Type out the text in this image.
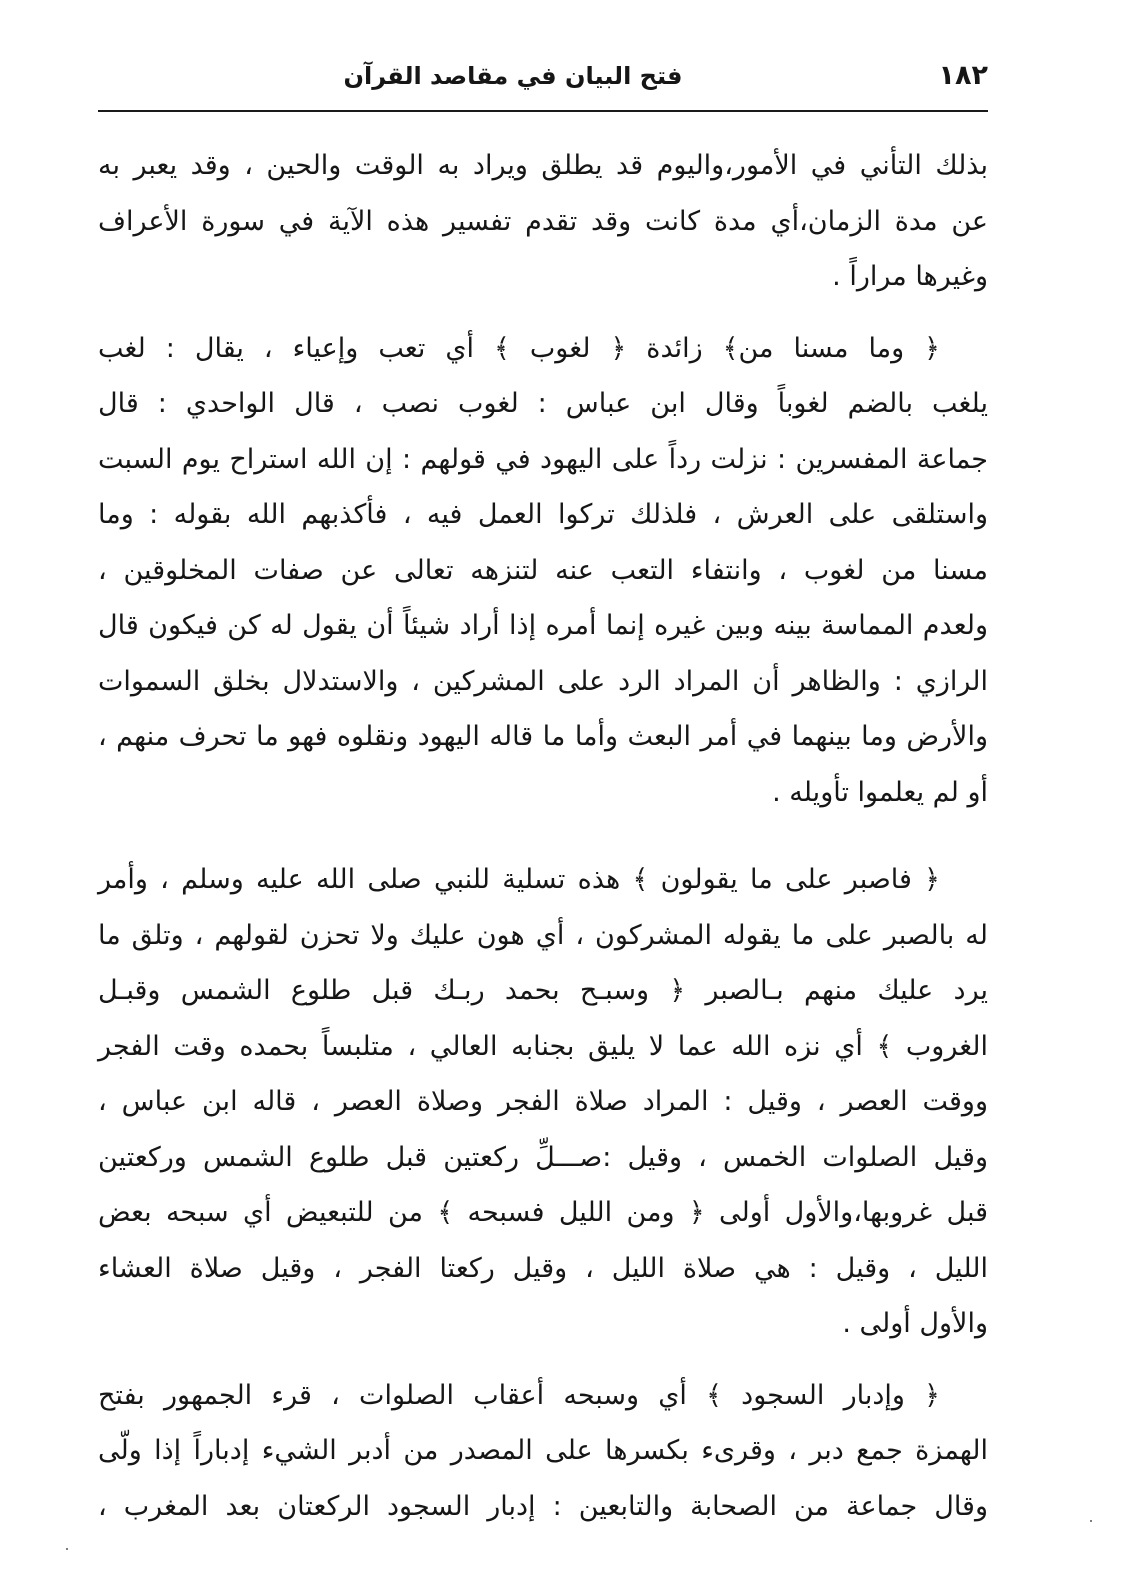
١٨٢
فتح البيان في مقاصد القرآن

بذلك التأني في الأمور،واليوم قد يطلق ويراد به الوقت والحين ، وقد يعبر به
عن مدة الزمان،أي مدة كانت وقد تقدم تفسير هذه الآية في سورة الأعراف
وغيرها مراراً .

﴿ وما مسنا من﴾ زائدة ﴿ لغوب ﴾ أي تعب وإعياء ، يقال : لغب
يلغب بالضم لغوباً وقال ابن عباس : لغوب نصب ، قال الواحدي : قال
جماعة المفسرين : نزلت رداً على اليهود في قولهم : إن الله استراح يوم السبت
واستلقى على العرش ، فلذلك تركوا العمل فيه ، فأكذبهم الله بقوله : وما
مسنا من لغوب ، وانتفاء التعب عنه لتنزهه تعالى عن صفات المخلوقين ،
ولعدم المماسة بينه وبين غيره إنما أمره إذا أراد شيئاً أن يقول له كن فيكون قال
الرازي : والظاهر أن المراد الرد على المشركين ، والاستدلال بخلق السموات
والأرض وما بينهما في أمر البعث وأما ما قاله اليهود ونقلوه فهو ما تحرف منهم ،
أو لم يعلموا تأويله .

﴿ فاصبر على ما يقولون ﴾ هذه تسلية للنبي صلى الله عليه وسلم ، وأمر
له بالصبر على ما يقوله المشركون ، أي هون عليك ولا تحزن لقولهم ، وتلق ما
يرد عليك منهم بـالصبر ﴿ وسبـح بحمد ربـك قبل طلوع الشمس وقبـل
الغروب ﴾ أي نزه الله عما لا يليق بجنابه العالي ، متلبساً بحمده وقت الفجر
ووقت العصر ، وقيل : المراد صلاة الفجر وصلاة العصر ، قاله ابن عباس ،
وقيل الصلوات الخمس ، وقيل :صـــلِّ ركعتين قبل طلوع الشمس وركعتين
قبل غروبها،والأول أولى ﴿ ومن الليل فسبحه ﴾ من للتبعيض أي سبحه بعض
الليل ، وقيل : هي صلاة الليل ، وقيل ركعتا الفجر ، وقيل صلاة العشاء
والأول أولى .

﴿ وإدبار السجود ﴾ أي وسبحه أعقاب الصلوات ، قرء الجمهور بفتح
الهمزة جمع دبر ، وقرىء بكسرها على المصدر من أدبر الشيء إدباراً إذا ولّى
وقال جماعة من الصحابة والتابعين : إدبار السجود الركعتان بعد المغرب ،
